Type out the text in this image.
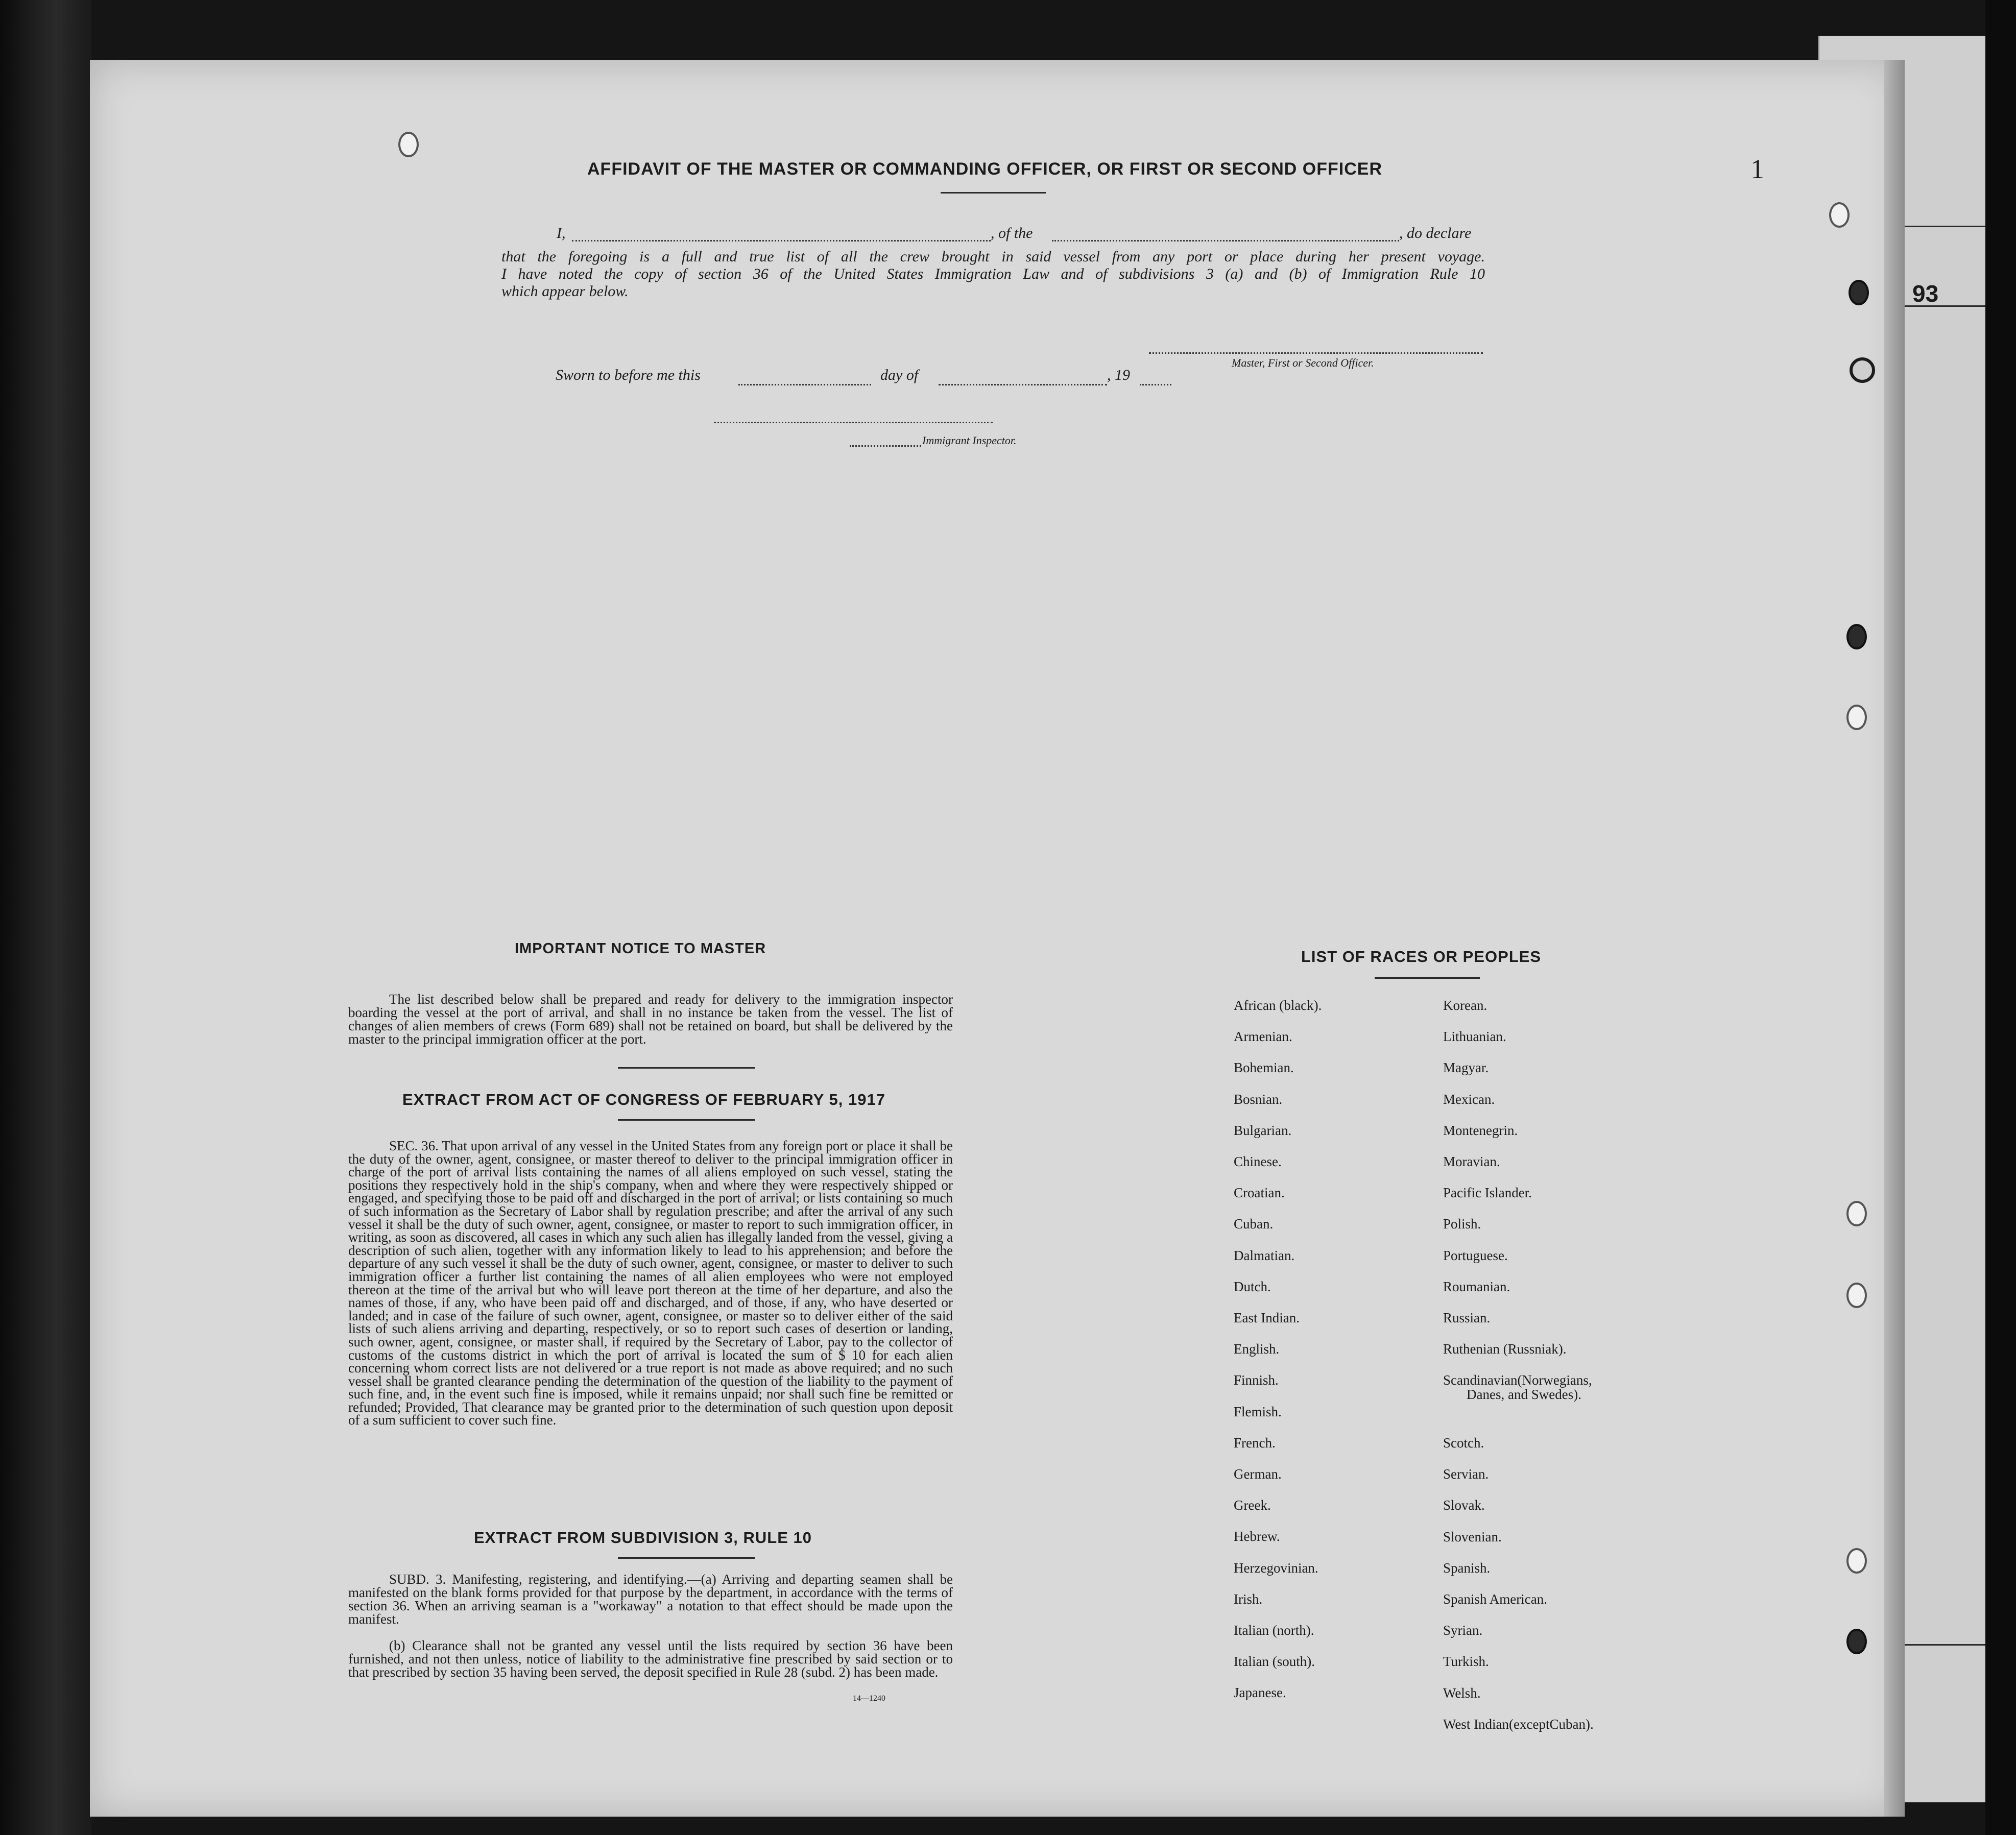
93
1
AFFIDAVIT OF THE MASTER OR COMMANDING OFFICER, OR FIRST OR SECOND OFFICER
I,	, of the	, do declare
that the foregoing is a full and true list of all the crew brought in said vessel from any port or place during her present voyage.
I have noted the copy of section 36 of the United States Immigration Law and of subdivisions 3 (a) and (b) of Immigration Rule 10
which appear below.
Master, First or Second Officer.
Sworn to before me this	day of	, 19
Immigrant Inspector.
IMPORTANT NOTICE TO MASTER
The list described below shall be prepared and ready for delivery to the immigration inspector boarding the vessel at the port of arrival, and shall in no instance be taken from the vessel. The list of changes of alien members of crews (Form 689) shall not be retained on board, but shall be delivered by the master to the principal immigration officer at the port.
EXTRACT FROM ACT OF CONGRESS OF FEBRUARY 5, 1917
SEC. 36. That upon arrival of any vessel in the United States from any foreign port or place it shall be the duty of the owner, agent, consignee, or master thereof to deliver to the principal immigration officer in charge of the port of arrival lists containing the names of all aliens employed on such vessel, stating the positions they respectively hold in the ship's company, when and where they were respectively shipped or engaged, and specifying those to be paid off and discharged in the port of arrival; or lists containing so much of such information as the Secretary of Labor shall by regulation prescribe; and after the arrival of any such vessel it shall be the duty of such owner, agent, consignee, or master to report to such immigration officer, in writing, as soon as discovered, all cases in which any such alien has illegally landed from the vessel, giving a description of such alien, together with any information likely to lead to his apprehension; and before the departure of any such vessel it shall be the duty of such owner, agent, consignee, or master to deliver to such immigration officer a further list containing the names of all alien employees who were not employed thereon at the time of the arrival but who will leave port thereon at the time of her departure, and also the names of those, if any, who have been paid off and discharged, and of those, if any, who have deserted or landed; and in case of the failure of such owner, agent, consignee, or master so to deliver either of the said lists of such aliens arriving and departing, respectively, or so to report such cases of desertion or landing, such owner, agent, consignee, or master shall, if required by the Secretary of Labor, pay to the collector of customs of the customs district in which the port of arrival is located the sum of $ 10 for each alien concerning whom correct lists are not delivered or a true report is not made as above required; and no such vessel shall be granted clearance pending the determination of the question of the liability to the payment of such fine, and, in the event such fine is imposed, while it remains unpaid; nor shall such fine be remitted or refunded; Provided, That clearance may be granted prior to the determination of such question upon deposit of a sum sufficient to cover such fine.
EXTRACT FROM SUBDIVISION 3, RULE 10
SUBD. 3. Manifesting, registering, and identifying.—(a) Arriving and departing seamen shall be manifested on the blank forms provided for that purpose by the department, in accordance with the terms of section 36. When an arriving seaman is a "workaway" a notation to that effect should be made upon the manifest.
(b) Clearance shall not be granted any vessel until the lists required by section 36 have been furnished, and not then unless, notice of liability to the administrative fine prescribed by said section or to that prescribed by section 35 having been served, the deposit specified in Rule 28 (subd. 2) has been made.
14—1240
LIST OF RACES OR PEOPLES
African (black).
Armenian.
Bohemian.
Bosnian.
Bulgarian.
Chinese.
Croatian.
Cuban.
Dalmatian.
Dutch.
East Indian.
English.
Finnish.
Flemish.
French.
German.
Greek.
Hebrew.
Herzegovinian.
Irish.
Italian (north).
Italian (south).
Japanese.
Korean.
Lithuanian.
Magyar.
Mexican.
Montenegrin.
Moravian.
Pacific Islander.
Polish.
Portuguese.
Roumanian.
Russian.
Ruthenian (Russniak).
Scandinavian(Norwegians,
Danes, and Swedes).
Scotch.
Servian.
Slovak.
Slovenian.
Spanish.
Spanish American.
Syrian.
Turkish.
Welsh.
West Indian(exceptCuban).
